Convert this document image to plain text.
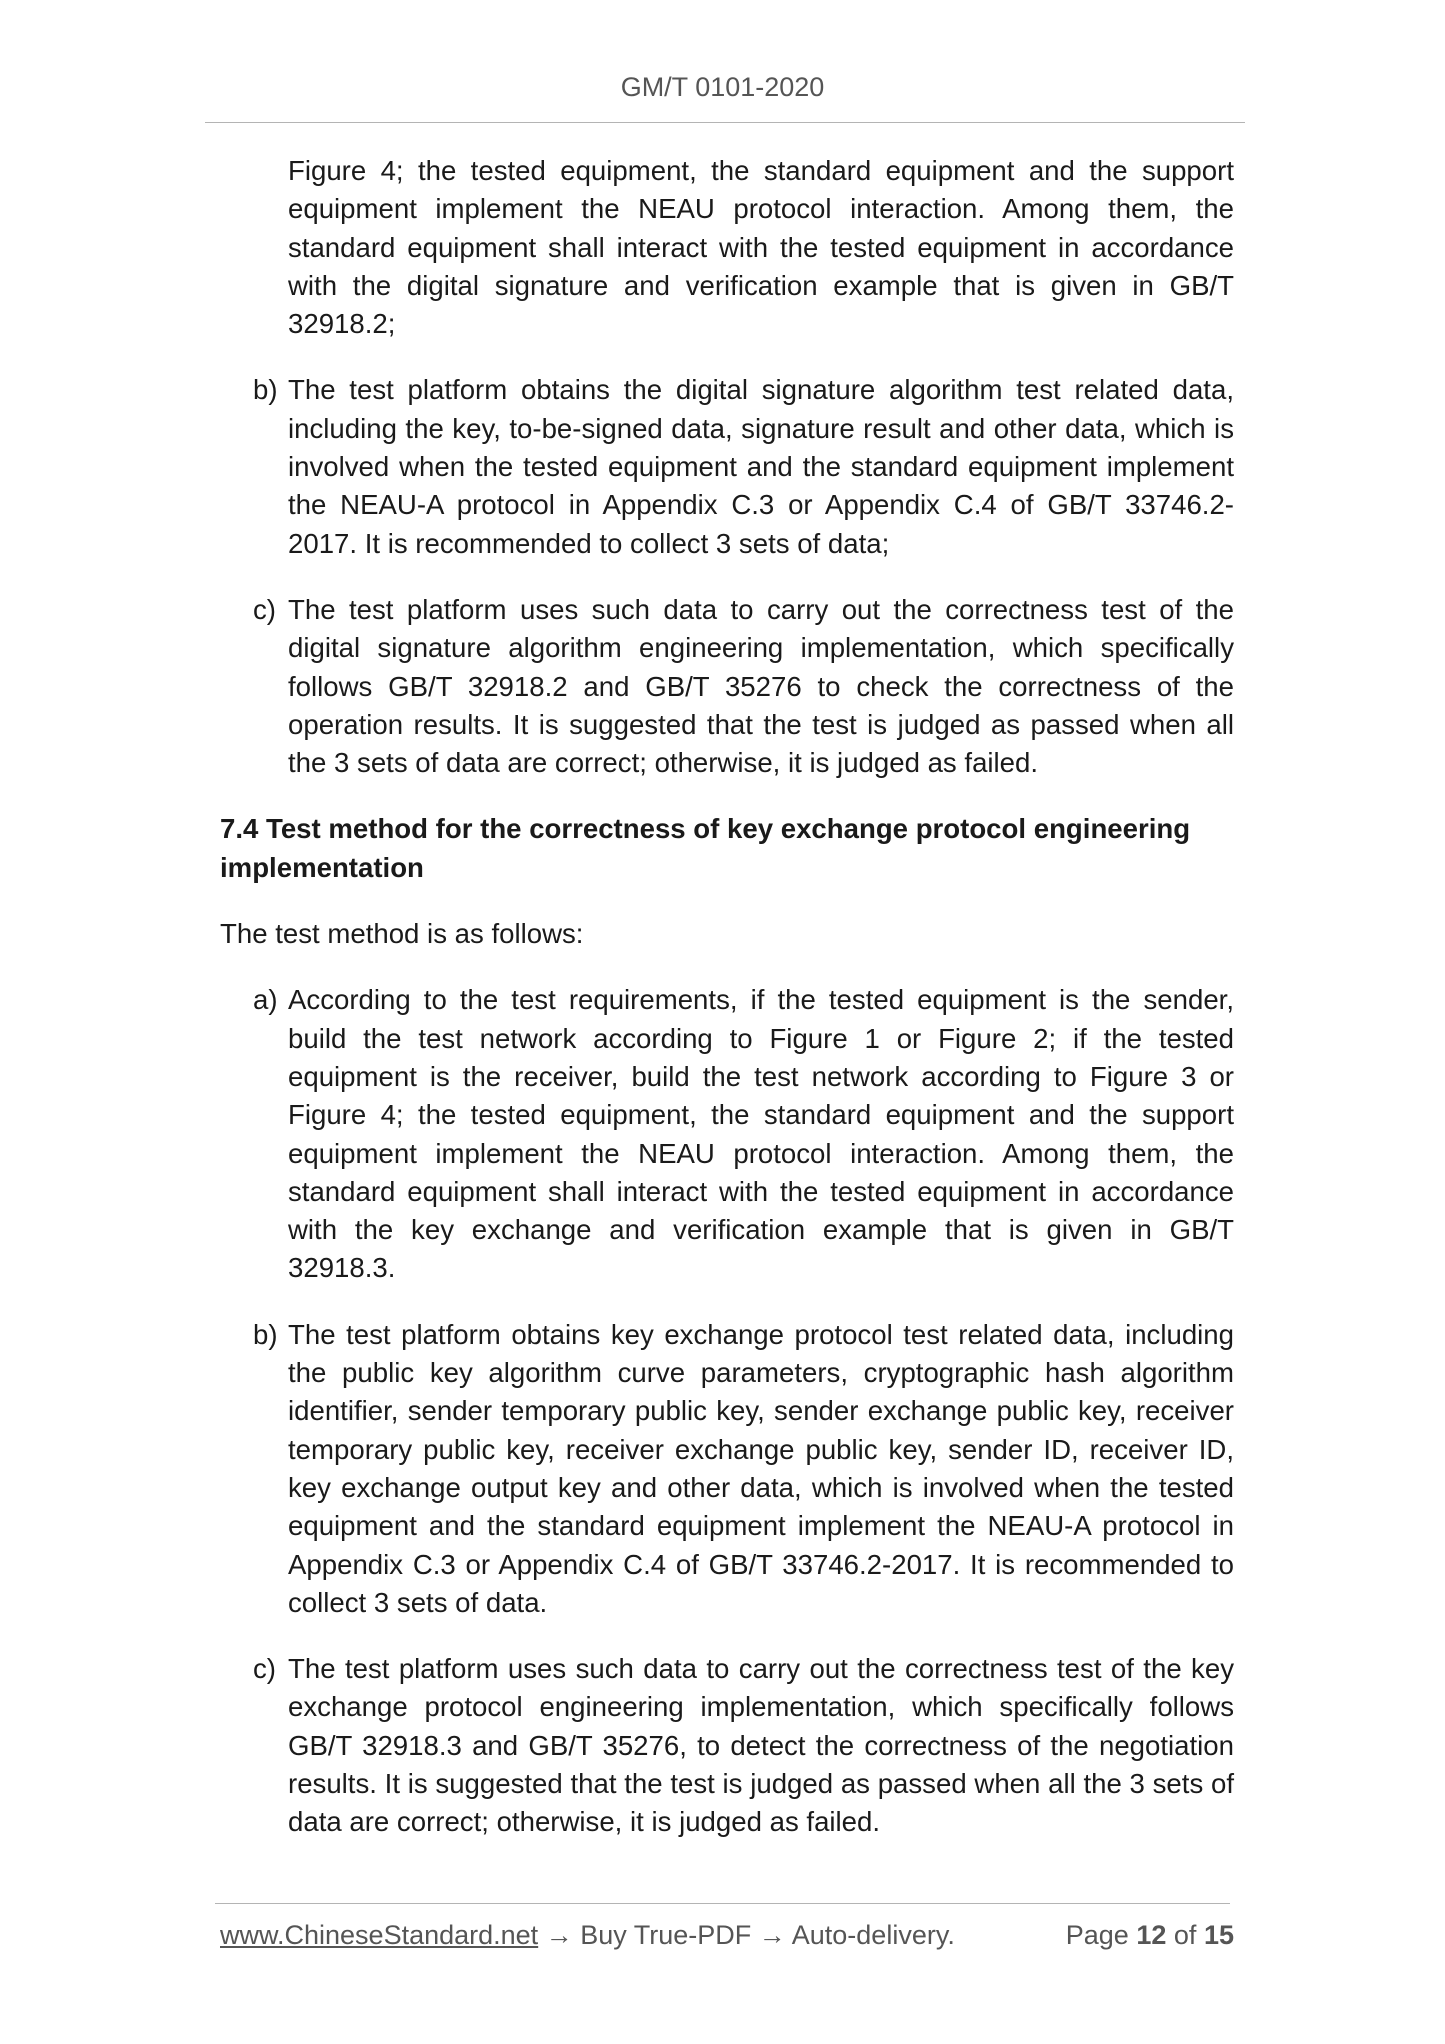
GM/T 0101-2020
Figure 4; the tested equipment, the standard equipment and the support equipment implement the NEAU protocol interaction. Among them, the standard equipment shall interact with the tested equipment in accordance with the digital signature and verification example that is given in GB/T 32918.2;
b) The test platform obtains the digital signature algorithm test related data, including the key, to-be-signed data, signature result and other data, which is involved when the tested equipment and the standard equipment implement the NEAU-A protocol in Appendix C.3 or Appendix C.4 of GB/T 33746.2-2017. It is recommended to collect 3 sets of data;
c) The test platform uses such data to carry out the correctness test of the digital signature algorithm engineering implementation, which specifically follows GB/T 32918.2 and GB/T 35276 to check the correctness of the operation results. It is suggested that the test is judged as passed when all the 3 sets of data are correct; otherwise, it is judged as failed.
7.4 Test method for the correctness of key exchange protocol engineering implementation
The test method is as follows:
a) According to the test requirements, if the tested equipment is the sender, build the test network according to Figure 1 or Figure 2; if the tested equipment is the receiver, build the test network according to Figure 3 or Figure 4; the tested equipment, the standard equipment and the support equipment implement the NEAU protocol interaction. Among them, the standard equipment shall interact with the tested equipment in accordance with the key exchange and verification example that is given in GB/T 32918.3.
b) The test platform obtains key exchange protocol test related data, including the public key algorithm curve parameters, cryptographic hash algorithm identifier, sender temporary public key, sender exchange public key, receiver temporary public key, receiver exchange public key, sender ID, receiver ID, key exchange output key and other data, which is involved when the tested equipment and the standard equipment implement the NEAU-A protocol in Appendix C.3 or Appendix C.4 of GB/T 33746.2-2017. It is recommended to collect 3 sets of data.
c) The test platform uses such data to carry out the correctness test of the key exchange protocol engineering implementation, which specifically follows GB/T 32918.3 and GB/T 35276, to detect the correctness of the negotiation results. It is suggested that the test is judged as passed when all the 3 sets of data are correct; otherwise, it is judged as failed.
www.ChineseStandard.net → Buy True-PDF → Auto-delivery.	Page 12 of 15
